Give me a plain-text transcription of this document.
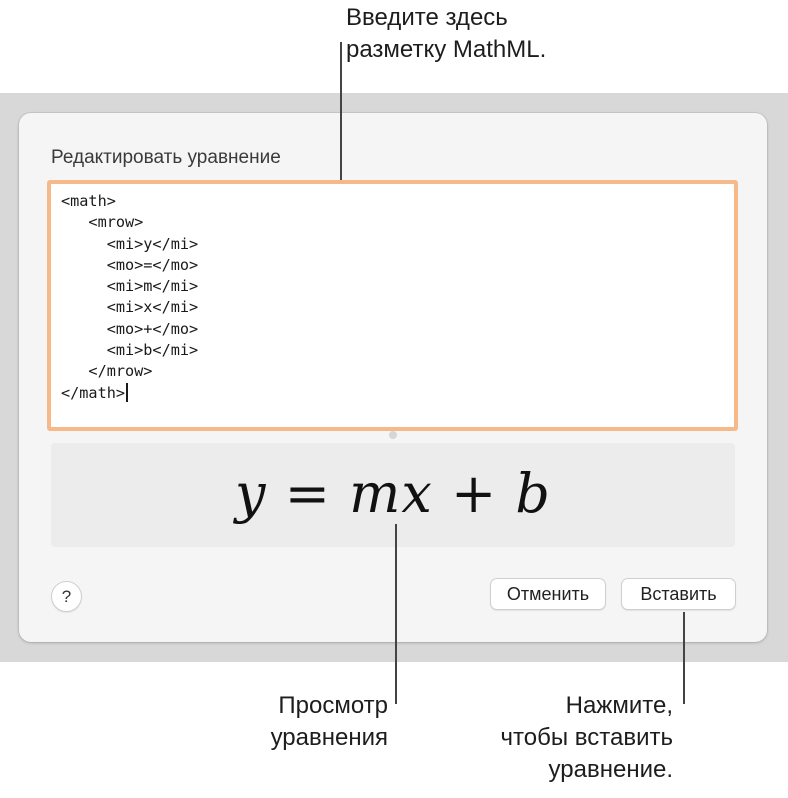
Редактировать уравнение
<math>
<mrow>
<mi>y</mi>
<mo>=</mo>
<mi>m</mi>
<mi>x</mi>
<mo>+</mo>
<mi>b</mi>
</mrow>
</math>
y = mx + b
?	Отменить	Вставить
Введите здесь
разметку MathML.
Просмотр
уравнения
Нажмите,
чтобы вставить
уравнение.
